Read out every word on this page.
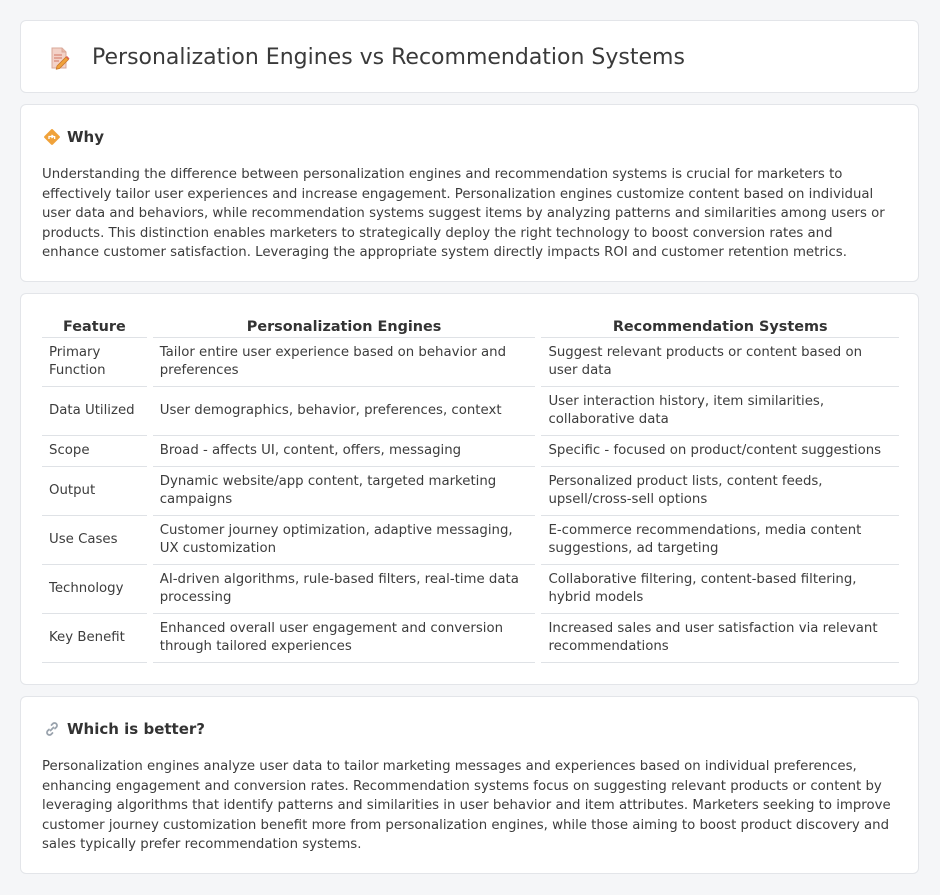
Personalization Engines vs Recommendation Systems
Why

Understanding the difference between personalization engines and recommendation systems is crucial for marketers to effectively tailor user experiences and increase engagement. Personalization engines customize content based on individual user data and behaviors, while recommendation systems suggest items by analyzing patterns and similarities among users or products. This distinction enables marketers to strategically deploy the right technology to boost conversion rates and enhance customer satisfaction. Leveraging the appropriate system directly impacts ROI and customer retention metrics.

Feature	Personalization Engines	Recommendation Systems
Primary Function	Tailor entire user experience based on behavior and preferences	Suggest relevant products or content based on user data
Data Utilized	User demographics, behavior, preferences, context	User interaction history, item similarities, collaborative data
Scope	Broad - affects UI, content, offers, messaging	Specific - focused on product/content suggestions
Output	Dynamic website/app content, targeted marketing campaigns	Personalized product lists, content feeds, upsell/cross-sell options
Use Cases	Customer journey optimization, adaptive messaging, UX customization	E-commerce recommendations, media content suggestions, ad targeting
Technology	AI-driven algorithms, rule-based filters, real-time data processing	Collaborative filtering, content-based filtering, hybrid models
Key Benefit	Enhanced overall user engagement and conversion through tailored experiences	Increased sales and user satisfaction via relevant recommendations
Which is better?

Personalization engines analyze user data to tailor marketing messages and experiences based on individual preferences, enhancing engagement and conversion rates. Recommendation systems focus on suggesting relevant products or content by leveraging algorithms that identify patterns and similarities in user behavior and item attributes. Marketers seeking to improve customer journey customization benefit more from personalization engines, while those aiming to boost product discovery and sales typically prefer recommendation systems.
